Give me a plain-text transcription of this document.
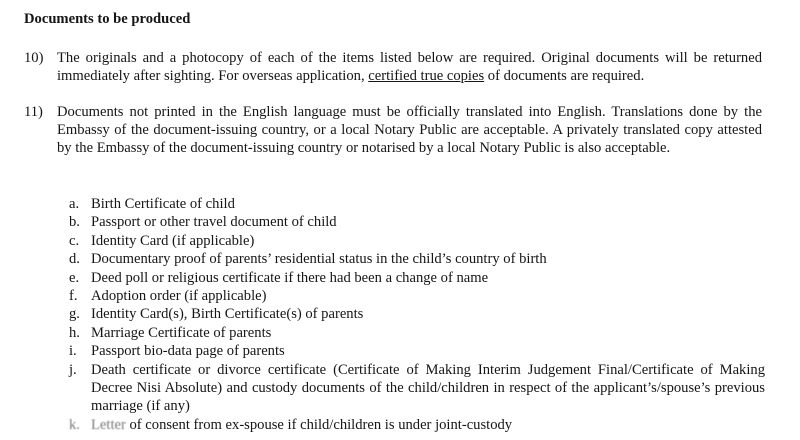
Documents to be produced
10) The originals and a photocopy of each of the items listed below are required. Original documents will be returned immediately after sighting. For overseas application, certified true copies of documents are required.
11) Documents not printed in the English language must be officially translated into English. Translations done by the Embassy of the document-issuing country, or a local Notary Public are acceptable. A privately translated copy attested by the Embassy of the document-issuing country or notarised by a local Notary Public is also acceptable.
a. Birth Certificate of child
b. Passport or other travel document of child
c. Identity Card (if applicable)
d. Documentary proof of parents’ residential status in the child’s country of birth
e. Deed poll or religious certificate if there had been a change of name
f. Adoption order (if applicable)
g. Identity Card(s), Birth Certificate(s) of parents
h. Marriage Certificate of parents
i. Passport bio-data page of parents
j. Death certificate or divorce certificate (Certificate of Making Interim Judgement Final/Certificate of Making Decree Nisi Absolute) and custody documents of the child/children in respect of the applicant’s/spouse’s previous marriage (if any)
k. Letter of consent from ex-spouse if child/children is under joint-custody
